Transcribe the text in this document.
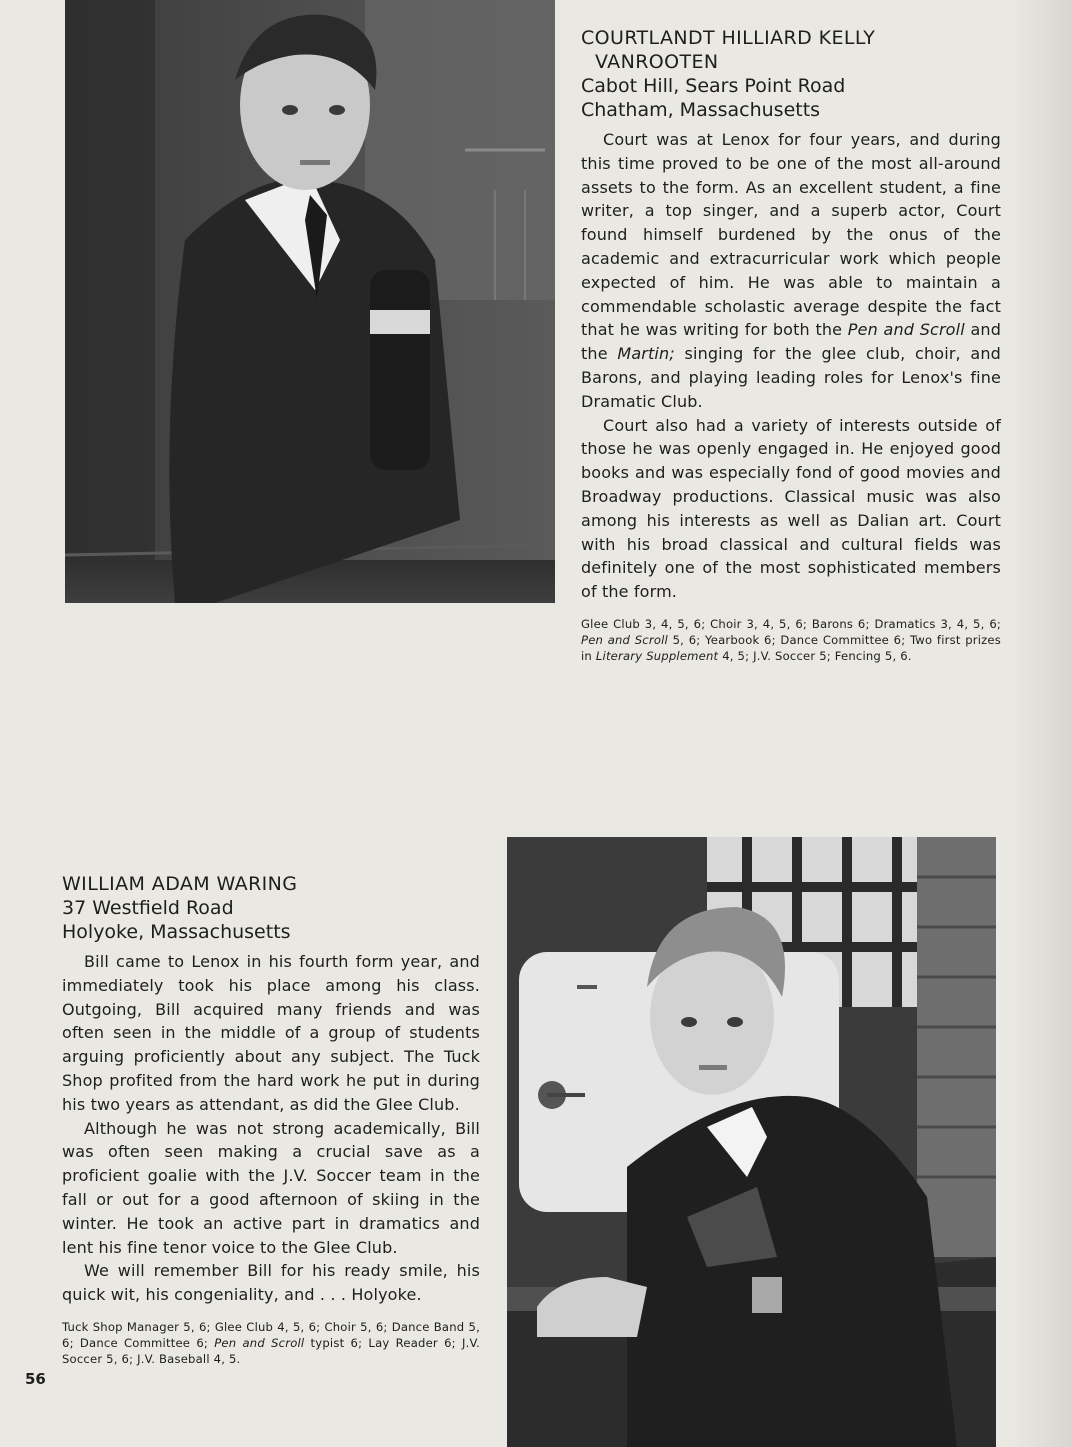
COURTLANDT HILLIARD KELLY
VANROOTEN
Cabot Hill, Sears Point Road
Chatham, Massachusetts

Court was at Lenox for four years, and during this time proved to be one of the most all-around assets to the form. As an excellent student, a fine writer, a top singer, and a superb actor, Court found himself burdened by the onus of the academic and extracurricular work which people expected of him. He was able to maintain a commendable scholastic average despite the fact that he was writing for both the Pen and Scroll and the Martin; singing for the glee club, choir, and Barons, and playing leading roles for Lenox's fine Dramatic Club.

Court also had a variety of interests outside of those he was openly engaged in. He enjoyed good books and was especially fond of good movies and Broadway productions. Classical music was also among his interests as well as Dalian art. Court with his broad classical and cultural fields was definitely one of the most sophisticated members of the form.

Glee Club 3, 4, 5, 6; Choir 3, 4, 5, 6; Barons 6; Dramatics 3, 4, 5, 6; Pen and Scroll 5, 6; Yearbook 6; Dance Committee 6; Two first prizes in Literary Supplement 4, 5; J.V. Soccer 5; Fencing 5, 6.
WILLIAM ADAM WARING
37 Westfield Road
Holyoke, Massachusetts

Bill came to Lenox in his fourth form year, and immediately took his place among his class. Outgoing, Bill acquired many friends and was often seen in the middle of a group of students arguing proficiently about any subject. The Tuck Shop profited from the hard work he put in during his two years as attendant, as did the Glee Club.

Although he was not strong academically, Bill was often seen making a crucial save as a proficient goalie with the J.V. Soccer team in the fall or out for a good afternoon of skiing in the winter. He took an active part in dramatics and lent his fine tenor voice to the Glee Club.

We will remember Bill for his ready smile, his quick wit, his congeniality, and . . . Holyoke.

Tuck Shop Manager 5, 6; Glee Club 4, 5, 6; Choir 5, 6; Dance Band 5, 6; Dance Committee 6; Pen and Scroll typist 6; Lay Reader 6; J.V. Soccer 5, 6; J.V. Baseball 4, 5.
56
